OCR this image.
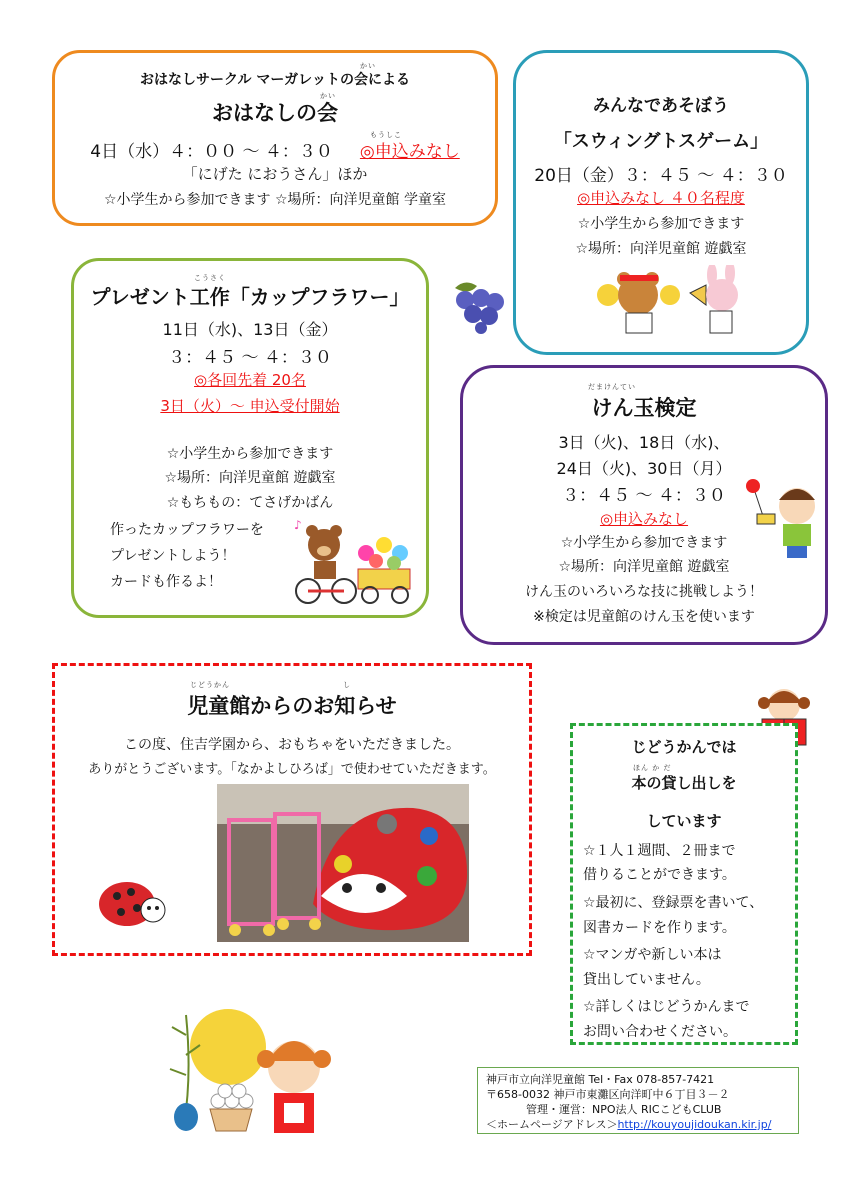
かい
おはなしサークル マーガレットの会による
かい
おはなしの会
もうしこ
4日（水）４：００ ～ ４：３０ ◎申込みなし
「にげた におうさん」ほか
☆小学生から参加できます ☆場所：向洋児童館 学童室
みんなであそぼう
「スウィングトスゲーム」
20日（金）３：４５ ～ ４：３０
◎申込みなし ４０名程度
☆小学生から参加できます
☆場所：向洋児童館 遊戯室
こうさく
プレゼント工作「カップフラワー」
11日（水)、13日（金）
３：４５ ～ ４：３０
◎各回先着 20名
3日（火）～ 申込受付開始
☆小学生から参加できます
☆場所：向洋児童館 遊戯室
☆もちもの：てさげかばん
作ったカップフラワーを
プレゼントしよう！
カードも作るよ！
♪
だまけんてい
けん玉検定
3日（火)、18日（水)、
24日（火)、30日（月）
３：４５ ～ ４：３０
◎申込みなし
☆小学生から参加できます
☆場所：向洋児童館 遊戯室
けん玉のいろいろな技に挑戦しよう！
※検定は児童館のけん玉を使います
じどうかん	し
児童館からのお知らせ
この度、住吉学園から、おもちゃをいただきました。
ありがとうございます。「なかよしひろば」で使わせていただきます。
じどうかんでは
ほん か だ
本の貸し出しを
しています
☆１人１週間、２冊まで
借りることができます。
☆最初に、登録票を書いて、
図書カードを作ります。
☆マンガや新しい本は
貸出していません。
☆詳しくはじどうかんまで
お問い合わせください。
神戸市立向洋児童館 Tel・Fax 078-857-7421
〒658-0032 神戸市東灘区向洋町中６丁目３－２
管理・運営：NPO法人 RICこどもCLUB
＜ホームページアドレス＞http://kouyoujidoukan.kir.jp/
